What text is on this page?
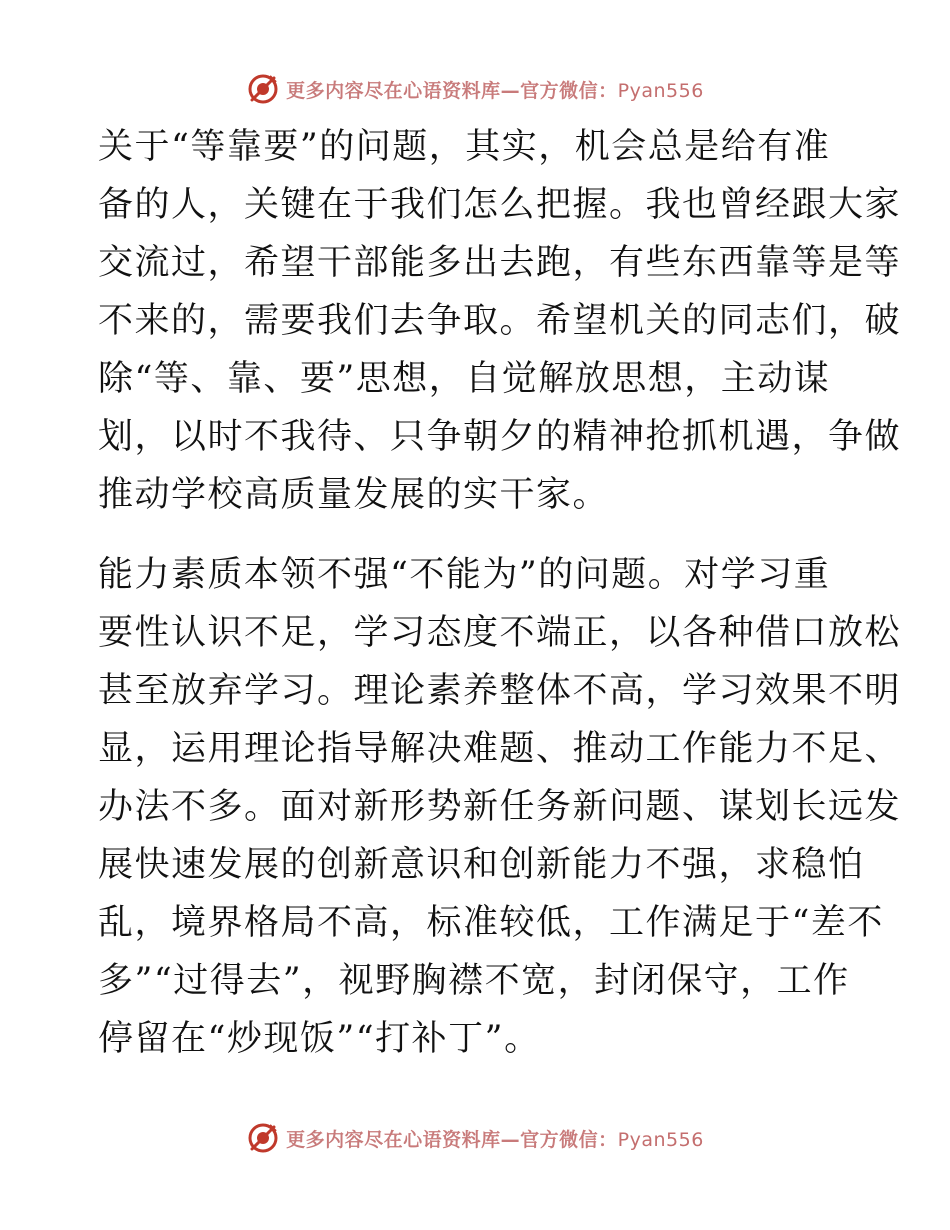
更多内容尽在心语资料库—官方微信：Pyan556
关于“等靠要”的问题，其实，机会总是给有准
备的人，关键在于我们怎么把握。我也曾经跟大家
交流过，希望干部能多出去跑，有些东西靠等是等
不来的，需要我们去争取。希望机关的同志们，破
除“等、靠、要”思想，自觉解放思想，主动谋
划，以时不我待、只争朝夕的精神抢抓机遇，争做
推动学校高质量发展的实干家。
能力素质本领不强“不能为”的问题。对学习重
要性认识不足，学习态度不端正，以各种借口放松
甚至放弃学习。理论素养整体不高，学习效果不明
显，运用理论指导解决难题、推动工作能力不足、
办法不多。面对新形势新任务新问题、谋划长远发
展快速发展的创新意识和创新能力不强，求稳怕
乱，境界格局不高，标准较低，工作满足于“差不
多”“过得去”，视野胸襟不宽，封闭保守，工作
停留在“炒现饭”“打补丁”。
更多内容尽在心语资料库—官方微信：Pyan556
